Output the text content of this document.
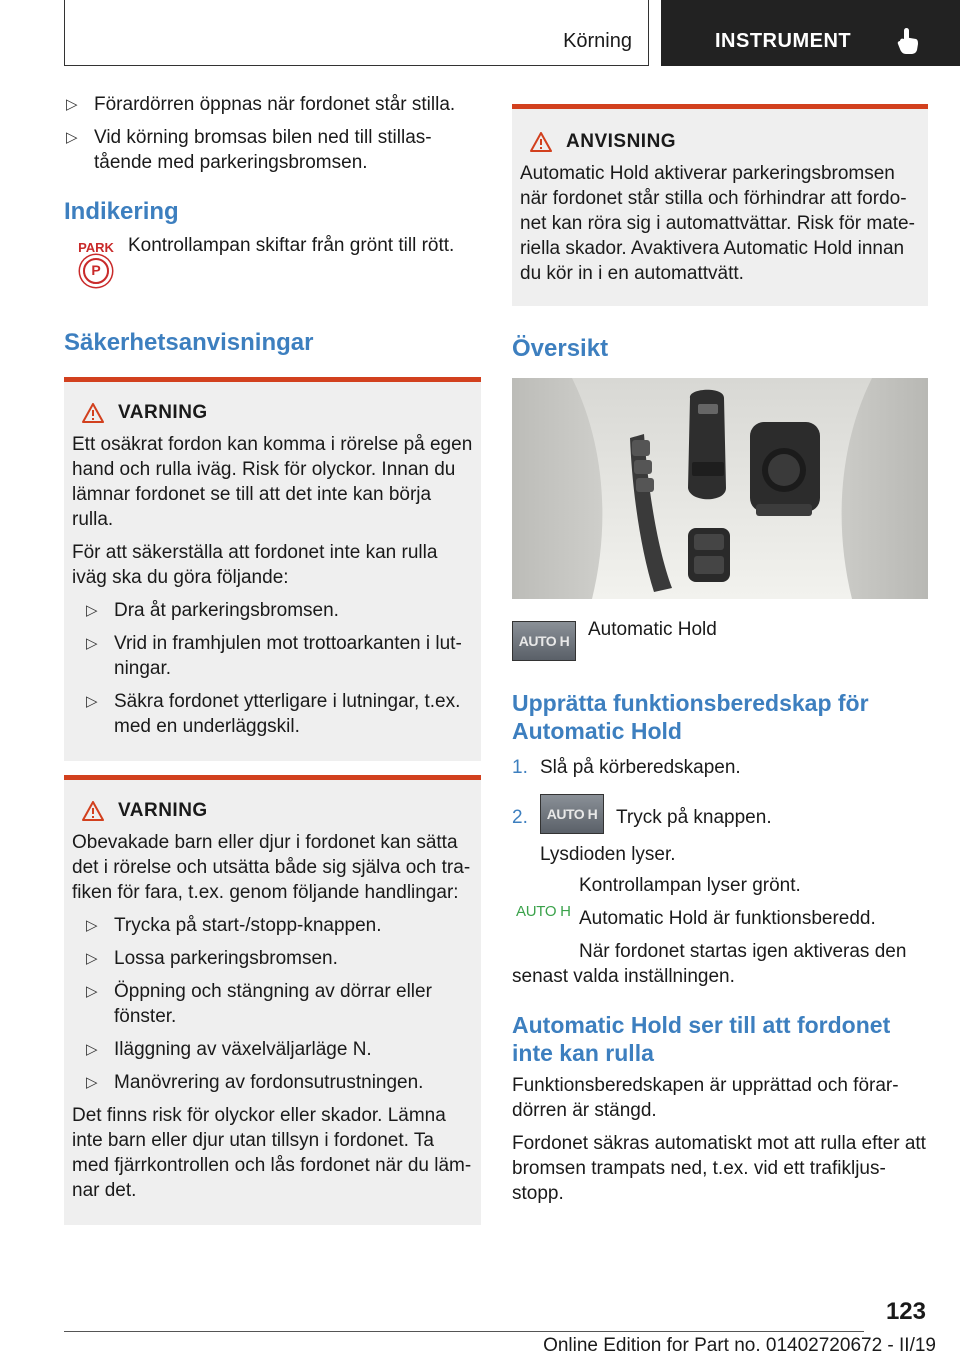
Körning	INSTRUMENT
▷ Förardörren öppnas när fordonet står stilla.
▷ Vid körning bromsas bilen ned till stillastående med parkeringsbromsen.
Indikering
PARK
P

Kontrollampan skiftar från grönt till rött.

Säkerhetsanvisningar
VARNING

Ett osäkrat fordon kan komma i rörelse på egen hand och rulla iväg. Risk för olyckor. Innan du lämnar fordonet se till att det inte kan börja rulla.

För att säkerställa att fordonet inte kan rulla iväg ska du göra följande:

▷ Dra åt parkeringsbromsen.
▷ Vrid in framhjulen mot trottoarkanten i lutningar.
▷ Säkra fordonet ytterligare i lutningar, t.ex. med en underläggskil.
VARNING

Obevakade barn eller djur i fordonet kan sätta det i rörelse och utsätta både sig själva och trafiken för fara, t.ex. genom följande handlingar:

▷ Trycka på start-/stopp-knappen.
▷ Lossa parkeringsbromsen.
▷ Öppning och stängning av dörrar eller fönster.
▷ Iläggning av växelväljarläge N.
▷ Manövrering av fordonsutrustningen.

Det finns risk för olyckor eller skador. Lämna inte barn eller djur utan tillsyn i fordonet. Ta med fjärrkontrollen och lås fordonet när du lämnar det.

ANVISNING

Automatic Hold aktiverar parkeringsbromsen när fordonet står stilla och förhindrar att fordonet kan röra sig i automattvättar. Risk för materiella skador. Avaktivera Automatic Hold innan du kör in i en automattvätt.

Översikt
AUTO H

Automatic Hold

Upprätta funktionsberedskap för Automatic Hold
1. Slå på körberedskapen.
2.	AUTO H Tryck på knappen.

Lysdioden lyser.

AUTO H

Kontrollampan lyser grönt.

Automatic Hold är funktionsberedd.

När fordonet startas igen aktiveras den senast valda inställningen.

Automatic Hold ser till att fordonet inte kan rulla

Funktionsberedskapen är upprättad och förardörren är stängd.

Fordonet säkras automatiskt mot att rulla efter att bromsen trampats ned, t.ex. vid ett trafikljusstopp.

123
Online Edition for Part no. 01402720672 - II/19
